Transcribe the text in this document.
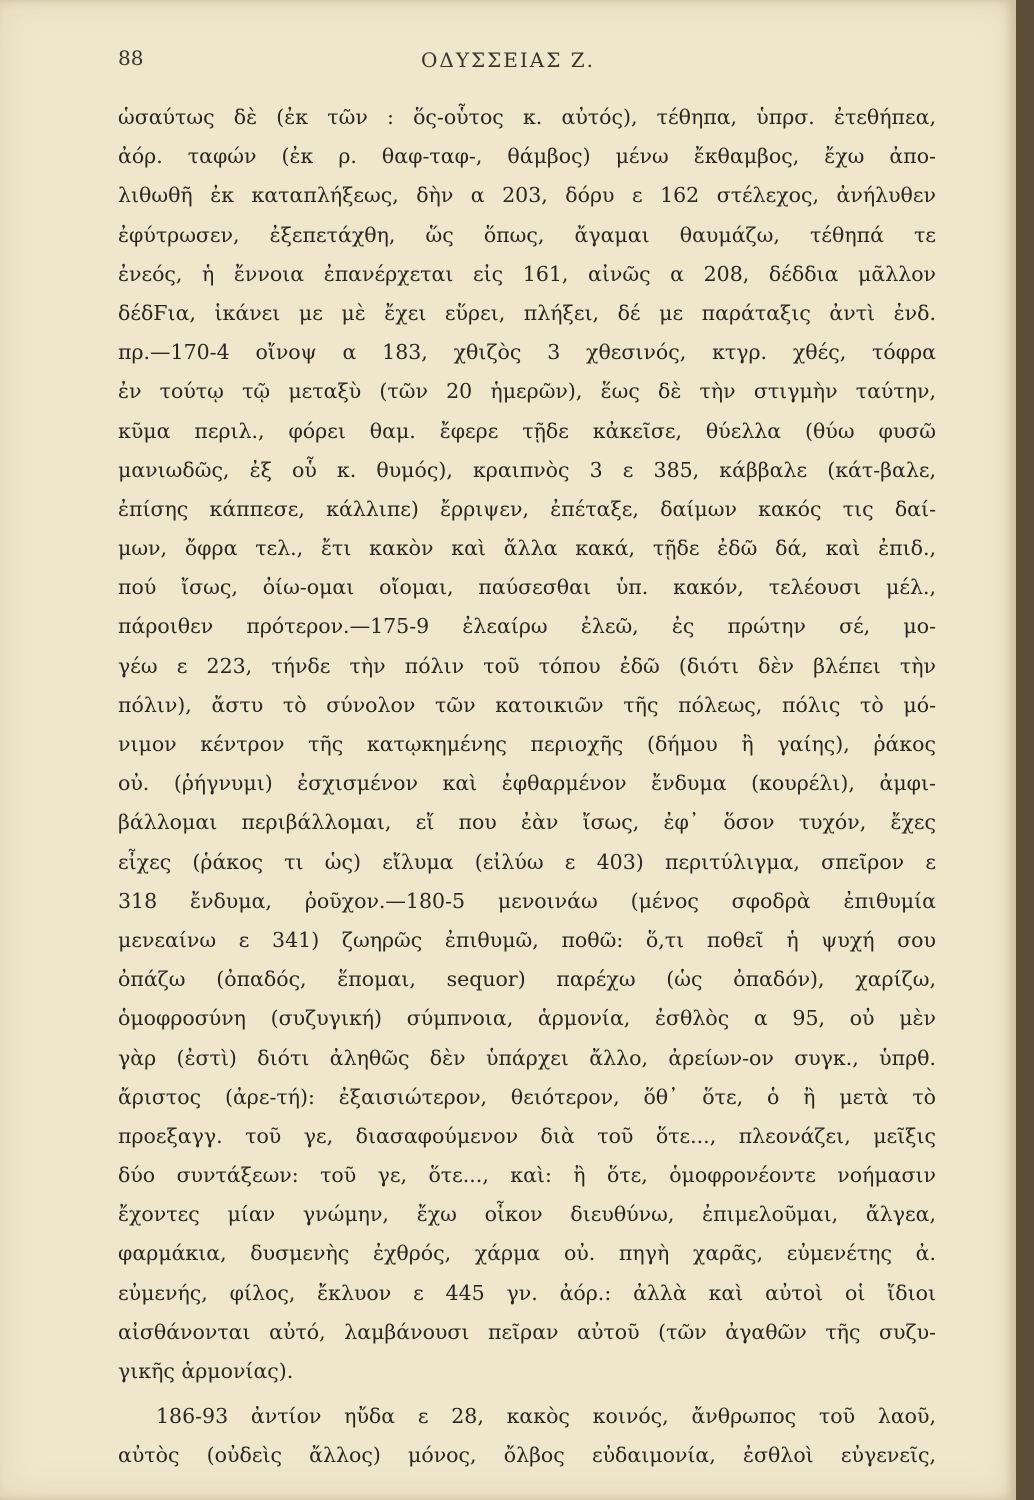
88	ΟΔΥΣΣΕΙΑΣ Ζ.
ὡσαύτως δὲ (ἐκ τῶν : ὅς-οὗτος κ. αὐτός), τέθηπα, ὑπρσ. ἐτεθήπεα,
ἀόρ. ταφών (ἐκ ρ. θαφ-ταφ-, θάμβος) μένω ἔκθαμβος, ἔχω ἀπο-
λιθωθῆ ἐκ καταπλήξεως, δὴν α 203, δόρυ ε 162 στέλεχος, ἀνήλυθεν
ἐφύτρωσεν, ἐξεπετάχθη, ὥς ὅπως, ἄγαμαι θαυμάζω, τέθηπά τε
ἐνεός, ἡ ἔννοια ἐπανέρχεται εἰς 161, αἰνῶς α 208, δέδδια μᾶλλον
δέδϜια, ἱκάνει με μὲ ἔχει εὕρει, πλήξει, δέ με παράταξις ἀντὶ ἐνδ.
πρ.—170-4 οἴνοψ α 183, χθιζὸς 3 χθεσινός, κτγρ. χθές, τόφρα
ἐν τούτῳ τῷ μεταξὺ (τῶν 20 ἡμερῶν), ἕως δὲ τὴν στιγμὴν ταύτην,
κῦμα περιλ., φόρει θαμ. ἔφερε τῇδε κἀκεῖσε, θύελλα (θύω φυσῶ
μανιωδῶς, ἐξ οὗ κ. θυμός), κραιπνὸς 3 ε 385, κάββαλε (κάτ-βαλε,
ἐπίσης κάππεσε, κάλλιπε) ἔρριψεν, ἐπέταξε, δαίμων κακός τις δαί-
μων, ὄφρα τελ., ἔτι κακὸν καὶ ἄλλα κακά, τῇδε ἐδῶ δά, καὶ ἐπιδ.,
πού ἴσως, ὀίω-ομαι οἴομαι, παύσεσθαι ὑπ. κακόν, τελέουσι μέλ.,
πάροιθεν πρότερον.—175-9 ἐλεαίρω ἐλεῶ, ἐς πρώτην σέ, μο-
γέω ε 223, τήνδε τὴν πόλιν τοῦ τόπου ἐδῶ (διότι δὲν βλέπει τὴν
πόλιν), ἄστυ τὸ σύνολον τῶν κατοικιῶν τῆς πόλεως, πόλις τὸ μό-
νιμον κέντρον τῆς κατῳκημένης περιοχῆς (δήμου ἢ γαίης), ῥάκος
οὐ. (ῥήγνυμι) ἐσχισμένον καὶ ἐφθαρμένον ἔνδυμα (κουρέλι), ἀμφι-
βάλλομαι περιβάλλομαι, εἴ που ἐὰν ἴσως, ἐφ᾽ ὅσον τυχόν, ἔχες
εἶχες (ῥάκος τι ὡς) εἴλυμα (εἰλύω ε 403) περιτύλιγμα, σπεῖρον ε
318 ἔνδυμα, ῥοῦχον.—180-5 μενοινάω (μένος σφοδρὰ ἐπιθυμία
μενεαίνω ε 341) ζωηρῶς ἐπιθυμῶ, ποθῶ: ὅ,τι ποθεῖ ἡ ψυχή σου
ὀπάζω (ὀπαδός, ἕπομαι, sequor) παρέχω (ὡς ὀπαδόν), χαρίζω,
ὁμοφροσύνη (συζυγική) σύμπνοια, ἁρμονία, ἐσθλὸς α 95, οὐ μὲν
γὰρ (ἐστὶ) διότι ἀληθῶς δὲν ὑπάρχει ἄλλο, ἀρείων-ον συγκ., ὑπρθ.
ἄριστος (ἀρε-τή): ἐξαισιώτερον, θειότερον, ὅθ᾽ ὅτε, ὁ ἢ μετὰ τὸ
προεξαγγ. τοῦ γε, διασαφούμενον διὰ τοῦ ὅτε..., πλεονάζει, μεῖξις
δύο συντάξεων: τοῦ γε, ὅτε..., καὶ: ἢ ὅτε, ὁμοφρονέοντε νοήμασιν
ἔχοντες μίαν γνώμην, ἔχω οἶκον διευθύνω, ἐπιμελοῦμαι, ἄλγεα,
φαρμάκια, δυσμενὴς ἐχθρός, χάρμα οὐ. πηγὴ χαρᾶς, εὐμενέτης ἀ.
εὐμενής, φίλος, ἔκλυον ε 445 γν. ἀόρ.: ἀλλὰ καὶ αὐτοὶ οἱ ἴδιοι
αἰσθάνονται αὐτό, λαμβάνουσι πεῖραν αὐτοῦ (τῶν ἀγαθῶν τῆς συζυ-
γικῆς ἁρμονίας).
186-93 ἀντίον ηὔδα ε 28, κακὸς κοινός, ἄνθρωπος τοῦ λαοῦ,
αὐτὸς (οὐδεὶς ἄλλος) μόνος, ὄλβος εὐδαιμονία, ἐσθλοὶ εὐγενεῖς,
